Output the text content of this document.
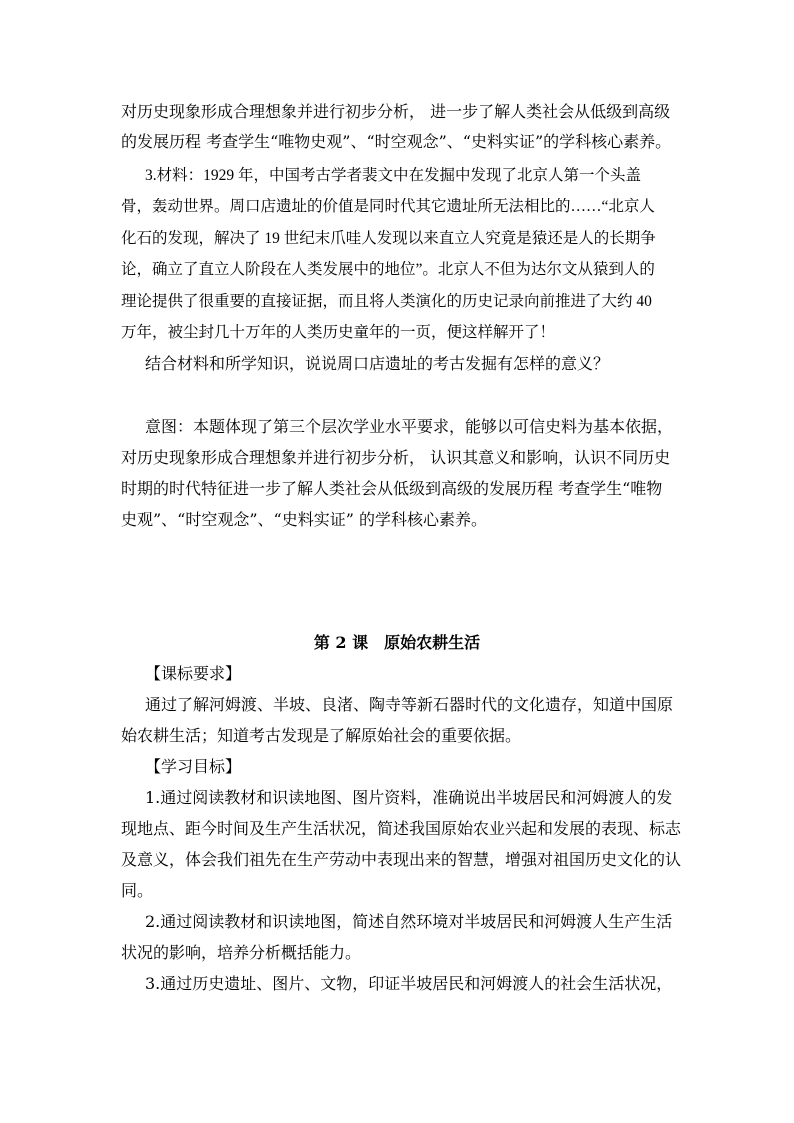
对历史现象形成合理想象并进行初步分析， 进一步了解人类社会从低级到高级
的发展历程 考查学生“唯物史观”、“时空观念”、“史料实证”的学科核心素养。
3.材料：1929 年，中国考古学者裴文中在发掘中发现了北京人第一个头盖
骨，轰动世界。周口店遗址的价值是同时代其它遗址所无法相比的……“北京人
化石的发现，解决了 19 世纪末爪哇人发现以来直立人究竟是猿还是人的长期争
论，确立了直立人阶段在人类发展中的地位”。北京人不但为达尔文从猿到人的
理论提供了很重要的直接证据，而且将人类演化的历史记录向前推进了大约 40
万年，被尘封几十万年的人类历史童年的一页，便这样解开了！
结合材料和所学知识，说说周口店遗址的考古发掘有怎样的意义？
意图：本题体现了第三个层次学业水平要求，能够以可信史料为基本依据，
对历史现象形成合理想象并进行初步分析， 认识其意义和影响，认识不同历史
时期的时代特征进一步了解人类社会从低级到高级的发展历程 考查学生“唯物
史观”、“时空观念”、“史料实证” 的学科核心素养。
第 2 课　原始农耕生活
【课标要求】
通过了解河姆渡、半坡、良渚、陶寺等新石器时代的文化遗存，知道中国原
始农耕生活；知道考古发现是了解原始社会的重要依据。
【学习目标】
1.通过阅读教材和识读地图、图片资料，准确说出半坡居民和河姆渡人的发
现地点、距今时间及生产生活状况，简述我国原始农业兴起和发展的表现、标志
及意义，体会我们祖先在生产劳动中表现出来的智慧，增强对祖国历史文化的认
同。
2.通过阅读教材和识读地图，简述自然环境对半坡居民和河姆渡人生产生活
状况的影响，培养分析概括能力。
3.通过历史遗址、图片、文物，印证半坡居民和河姆渡人的社会生活状况，
